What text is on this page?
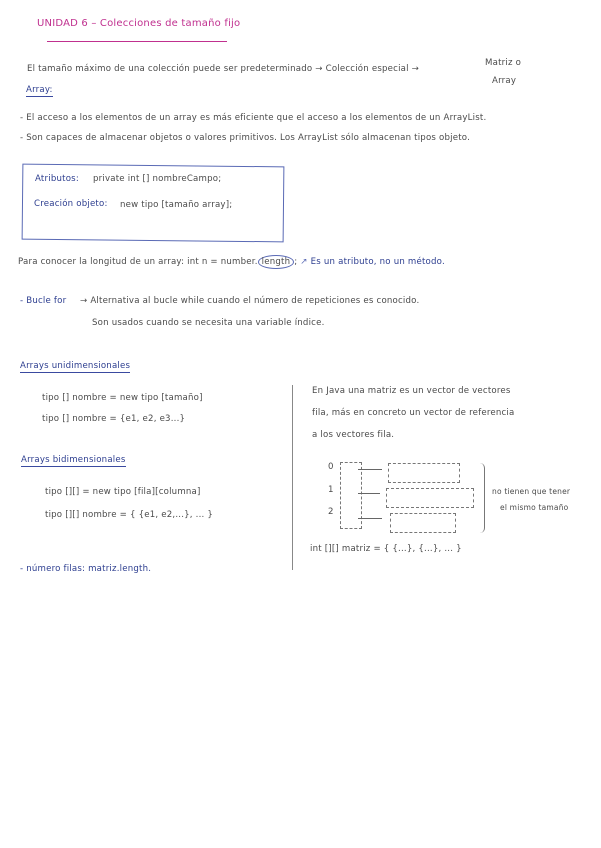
UNIDAD 6 – Colecciones de tamaño fijo
El tamaño máximo de una colección puede ser predeterminado → Colección especial →
Matriz o
Array
Array:
- El acceso a los elementos de un array es más eficiente que el acceso a los elementos de un ArrayList.
- Son capaces de almacenar objetos o valores primitivos. Los ArrayList sólo almacenan tipos objeto.
Atributos: private int [] nombreCampo;
Creación objeto: new tipo [tamaño array];
Para conocer la longitud de un array: int n = number. length ; ↗ Es un atributo, no un método.
- Bucle for → Alternativa al bucle while cuando el número de repeticiones es conocido.
Son usados cuando se necesita una variable índice.
Arrays unidimensionales
tipo [] nombre = new tipo [tamaño]
tipo [] nombre = {e1, e2, e3...}
Arrays bidimensionales
tipo [][] = new tipo [fila][columna]
tipo [][] nombre = { {e1, e2,...}, ... }
- número filas: matriz.length.
En Java una matriz es un vector de vectores
fila, más en concreto un vector de referencia
a los vectores fila.
0
1
2
no tienen que tener
el mismo tamaño
int [][] matriz = { {...}, {...}, ... }
